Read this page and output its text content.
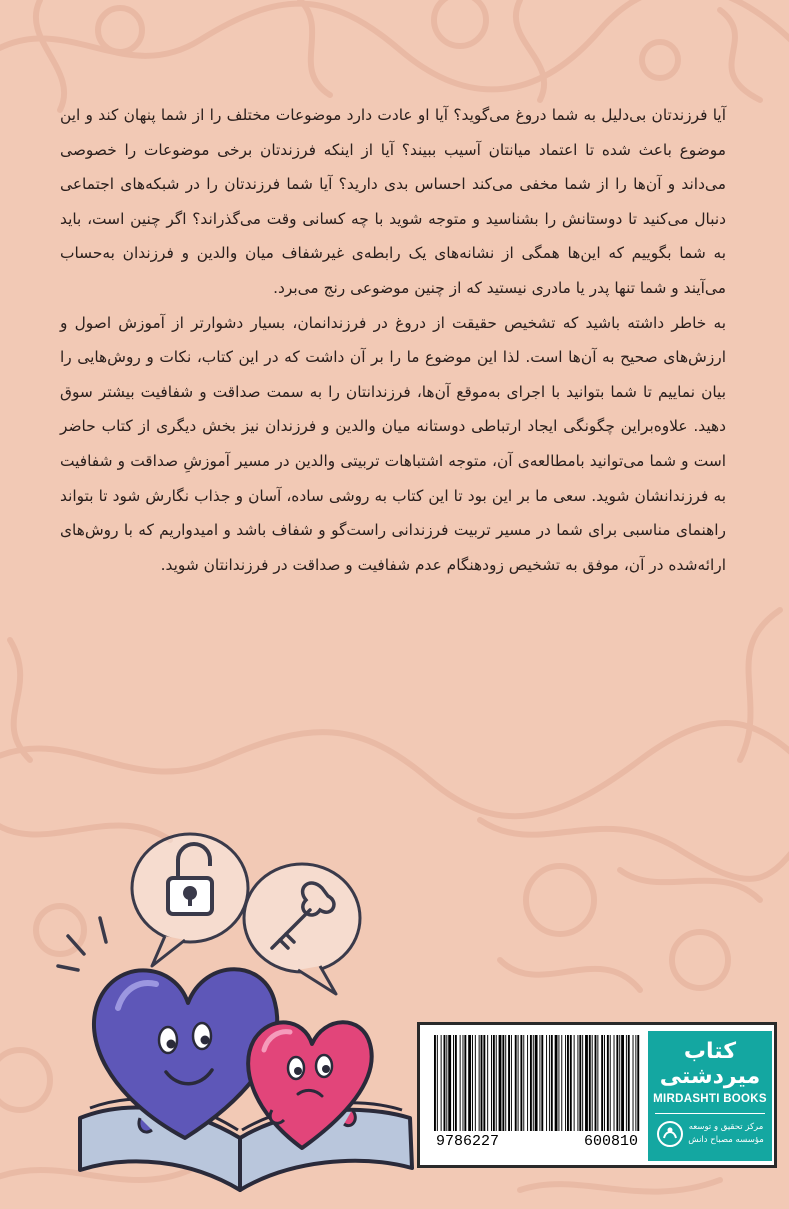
آیا فرزندتان بی‌دلیل به شما دروغ می‌گوید؟ آیا او عادت دارد موضوعات مختلف را از شما پنهان کند و این موضوع باعث شده تا اعتماد میانتان آسیب ببیند؟ آیا از اینکه فرزندتان برخی موضوعات را خصوصی می‌داند و آن‌ها را از شما مخفی می‌کند احساس بدی دارید؟ آیا شما فرزندتان را در شبکه‌های اجتماعی دنبال می‌کنید تا دوستانش را بشناسید و متوجه شوید با چه کسانی وقت می‌گذراند؟ اگر چنین است، باید به شما بگوییم که این‌ها همگی از نشانه‌های یک رابطه‌ی غیرشفاف میان والدین و فرزندان به‌حساب می‌آیند و شما تنها پدر یا مادری نیستید که از چنین موضوعی رنج می‌برد.

به خاطر داشته باشید که تشخیص حقیقت از دروغ در فرزندانمان، بسیار دشوارتر از آموزش اصول و ارزش‌های صحیح به آن‌ها است. لذا این موضوع ما را بر آن داشت که در این کتاب، نکات و روش‌هایی را بیان نماییم تا شما بتوانید با اجرای به‌موقع آن‌ها، فرزندانتان را به سمت صداقت و شفافیت بیشتر سوق دهید. علاوه‌براین چگونگی ایجاد ارتباطی دوستانه میان والدین و فرزندان نیز بخش دیگری از کتاب حاضر است و شما می‌توانید بامطالعه‌ی آن، متوجه اشتباهات تربیتی والدین در مسیر آموزشِ صداقت و شفافیت به فرزندانشان شوید. سعی ما بر این بود تا این کتاب به روشی ساده، آسان و جذاب نگارش شود تا بتواند راهنمای مناسبی برای شما در مسیر تربیت فرزندانی راست‌گو و شفاف باشد و امیدواریم که با روش‌های ارائه‌شده در آن، موفق به تشخیص زودهنگام عدم شفافیت و صداقت در فرزندانتان شوید.

9786227	600810
کتاب میردشتی
MIRDASHTI BOOKS
مرکز تحقیق و توسعه
مؤسسه مصباح دانش
